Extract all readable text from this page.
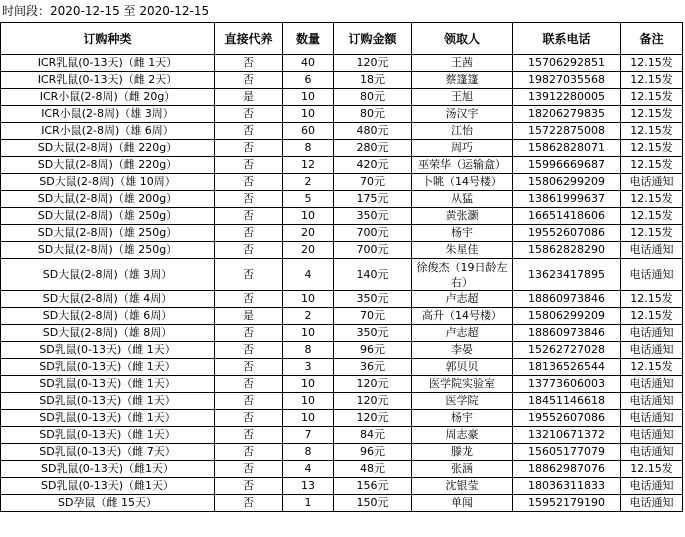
时间段：2020-12-15 至 2020-12-15
订购种类	直接代养	数量	订购金额	领取人	联系电话	备注
ICR乳鼠(0-13天)（雌 1天）	否	40	120元	王茜	15706292851	12.15发
ICR乳鼠(0-13天)（雌 2天）	否	6	18元	蔡篷篷	19827035568	12.15发
ICR小鼠(2-8周)（雌 20g）	是	10	80元	王旭	13912280005	12.15发
ICR小鼠(2-8周)（雄 3周）	否	10	80元	汤汉宇	18206279835	12.15发
ICR小鼠(2-8周)（雄 6周）	否	60	480元	江怡	15722875008	12.15发
SD大鼠(2-8周)（雌 220g）	否	8	280元	周巧	15862828071	12.15发
SD大鼠(2-8周)（雌 220g）	否	12	420元	巫荣华（运输盒）	15996669687	12.15发
SD大鼠(2-8周)（雄 10周）	否	2	70元	卜眺（14号楼）	15806299209	电话通知
SD大鼠(2-8周)（雄 200g）	否	5	175元	从猛	13861999637	12.15发
SD大鼠(2-8周)（雄 250g）	否	10	350元	黄张灏	16651418606	12.15发
SD大鼠(2-8周)（雄 250g）	否	20	700元	杨宇	19552607086	12.15发
SD大鼠(2-8周)（雄 250g）	否	20	700元	朱星佳	15862828290	电话通知
SD大鼠(2-8周)（雄 3周）	否	4	140元	徐俊杰（19日龄左右）	13623417895	电话通知
SD大鼠(2-8周)（雄 4周）	否	10	350元	卢志超	18860973846	12.15发
SD大鼠(2-8周)（雄 6周）	是	2	70元	高升（14号楼）	15806299209	12.15发
SD大鼠(2-8周)（雄 8周）	否	10	350元	卢志超	18860973846	电话通知
SD乳鼠(0-13天)（雌 1天）	否	8	96元	李晏	15262727028	电话通知
SD乳鼠(0-13天)（雌 1天）	否	3	36元	郭贝贝	18136526544	12.15发
SD乳鼠(0-13天)（雌 1天）	否	10	120元	医学院实验室	13773606003	电话通知
SD乳鼠(0-13天)（雌 1天）	否	10	120元	医学院	18451146618	电话通知
SD乳鼠(0-13天)（雌 1天）	否	10	120元	杨宇	19552607086	电话通知
SD乳鼠(0-13天)（雌 1天）	否	7	84元	周志豪	13210671372	电话通知
SD乳鼠(0-13天)（雌 7天）	否	8	96元	滕龙	15605177079	电话通知
SD乳鼠(0-13天)（雌1天）	否	4	48元	张涵	18862987076	12.15发
SD乳鼠(0-13天)（雌1天）	否	13	156元	沈银莹	18036311833	电话通知
SD孕鼠（雌 15天）	否	1	150元	单闻	15952179190	电话通知
